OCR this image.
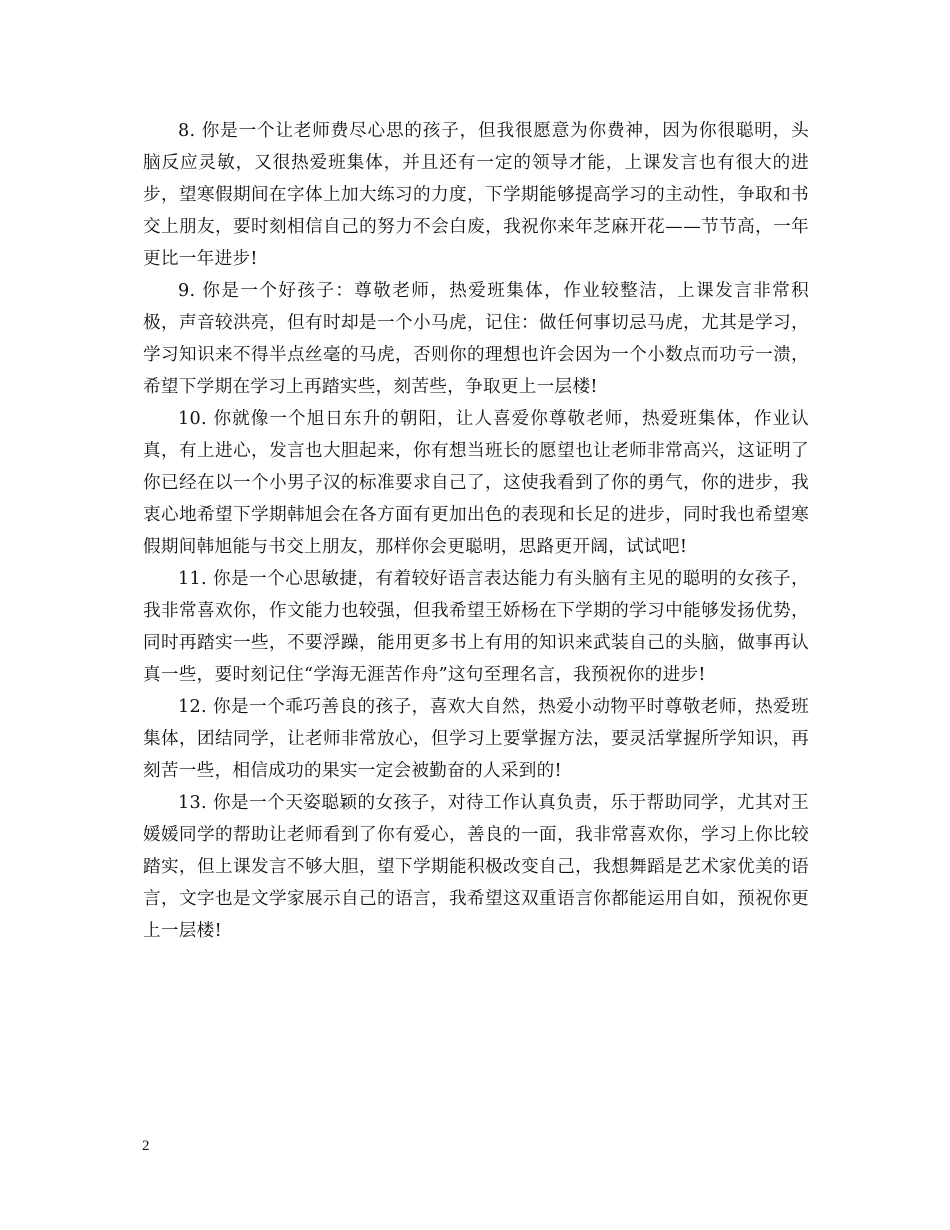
8. 你是一个让老师费尽心思的孩子，但我很愿意为你费神，因为你很聪明，头脑反应灵敏，又很热爱班集体，并且还有一定的领导才能，上课发言也有很大的进步，望寒假期间在字体上加大练习的力度，下学期能够提高学习的主动性，争取和书交上朋友，要时刻相信自己的努力不会白废，我祝你来年芝麻开花——节节高，一年更比一年进步!

9. 你是一个好孩子：尊敬老师，热爱班集体，作业较整洁，上课发言非常积极，声音较洪亮，但有时却是一个小马虎，记住：做任何事切忌马虎，尤其是学习，学习知识来不得半点丝毫的马虎，否则你的理想也许会因为一个小数点而功亏一溃，希望下学期在学习上再踏实些，刻苦些，争取更上一层楼!

10. 你就像一个旭日东升的朝阳，让人喜爱你尊敬老师，热爱班集体，作业认真，有上进心，发言也大胆起来，你有想当班长的愿望也让老师非常高兴，这证明了你已经在以一个小男子汉的标准要求自己了，这使我看到了你的勇气，你的进步，我衷心地希望下学期韩旭会在各方面有更加出色的表现和长足的进步，同时我也希望寒假期间韩旭能与书交上朋友，那样你会更聪明，思路更开阔，试试吧!

11. 你是一个心思敏捷，有着较好语言表达能力有头脑有主见的聪明的女孩子，我非常喜欢你，作文能力也较强，但我希望王娇杨在下学期的学习中能够发扬优势，同时再踏实一些，不要浮躁，能用更多书上有用的知识来武装自己的头脑，做事再认真一些，要时刻记住“学海无涯苦作舟”这句至理名言，我预祝你的进步!

12. 你是一个乖巧善良的孩子，喜欢大自然，热爱小动物平时尊敬老师，热爱班集体，团结同学，让老师非常放心，但学习上要掌握方法，要灵活掌握所学知识，再刻苦一些，相信成功的果实一定会被勤奋的人采到的!

13. 你是一个天姿聪颖的女孩子，对待工作认真负责，乐于帮助同学，尤其对王媛媛同学的帮助让老师看到了你有爱心，善良的一面，我非常喜欢你，学习上你比较踏实，但上课发言不够大胆，望下学期能积极改变自己，我想舞蹈是艺术家优美的语言，文字也是文学家展示自己的语言，我希望这双重语言你都能运用自如，预祝你更上一层楼!

2
